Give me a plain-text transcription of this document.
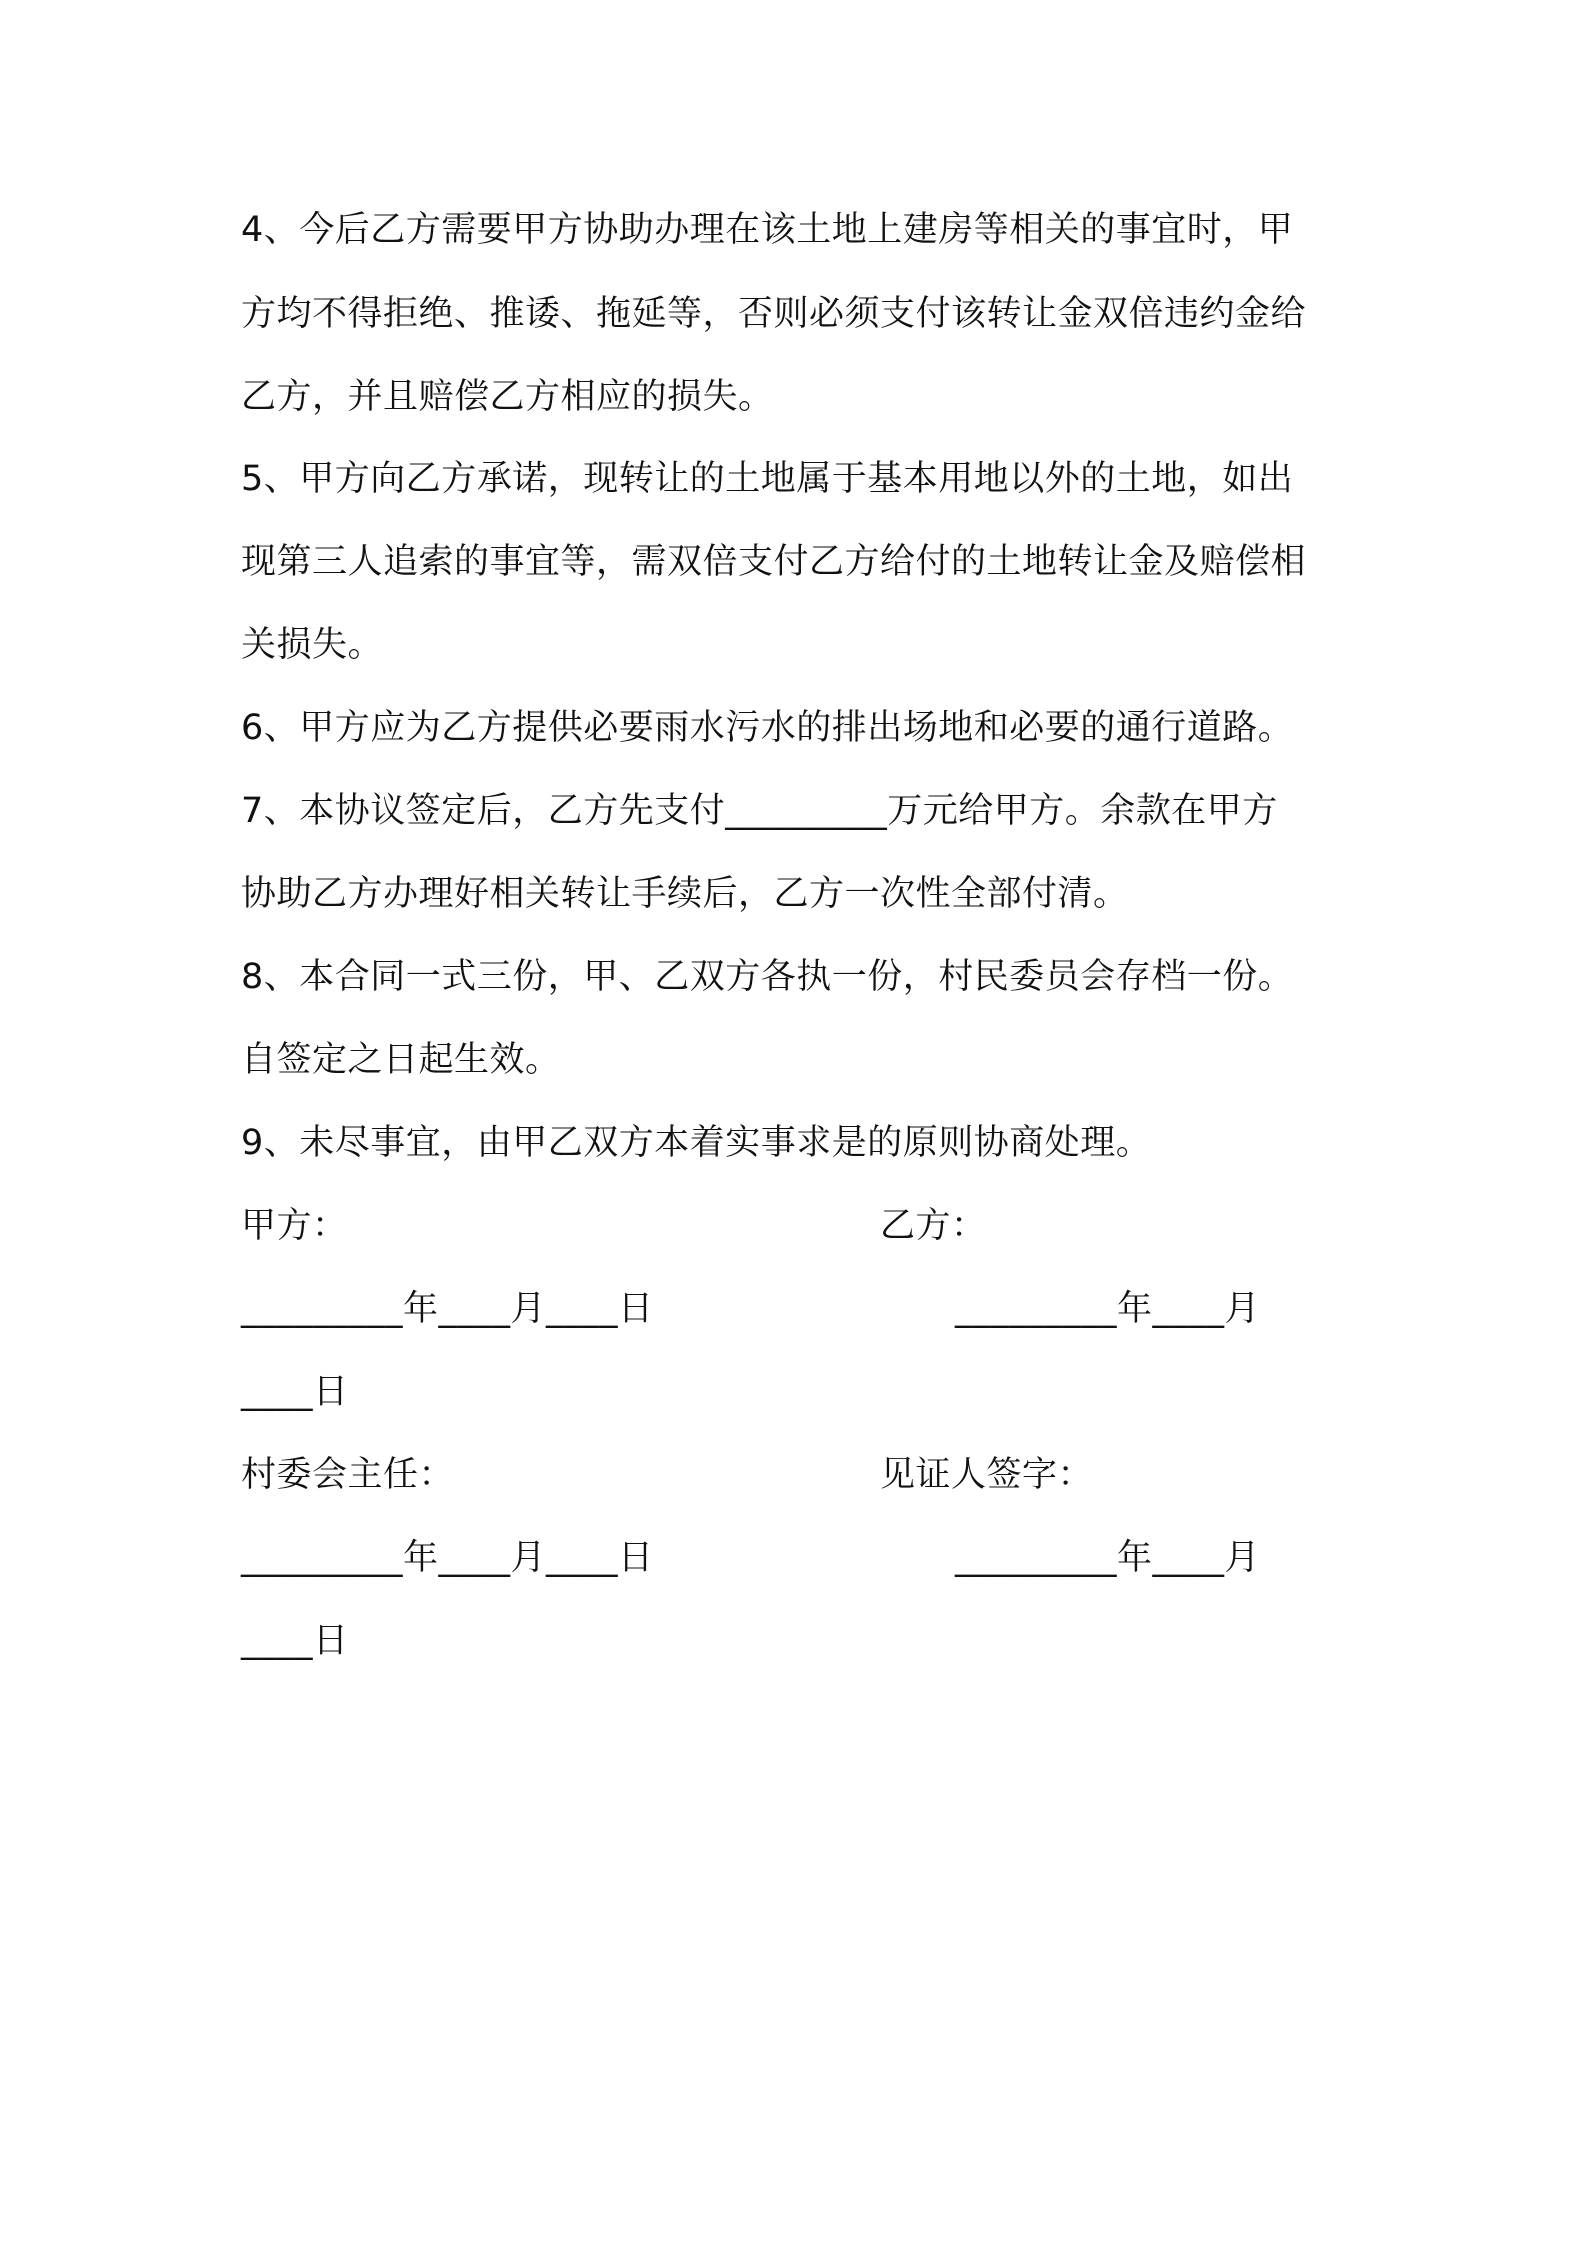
4、今后乙方需要甲方协助办理在该土地上建房等相关的事宜时，甲
方均不得拒绝、推诿、拖延等，否则必须支付该转让金双倍违约金给
乙方，并且赔偿乙方相应的损失。
5、甲方向乙方承诺，现转让的土地属于基本用地以外的土地，如出
现第三人追索的事宜等，需双倍支付乙方给付的土地转让金及赔偿相
关损失。
6、甲方应为乙方提供必要雨水污水的排出场地和必要的通行道路。
7、本协议签定后，乙方先支付_________万元给甲方。余款在甲方
协助乙方办理好相关转让手续后，乙方一次性全部付清。
8、本合同一式三份，甲、乙双方各执一份，村民委员会存档一份。
自签定之日起生效。
9、未尽事宜，由甲乙双方本着实事求是的原则协商处理。
甲方：	乙方：
_________年____月____日	_________年____月
____日
村委会主任：	见证人签字：
_________年____月____日	_________年____月
____日
